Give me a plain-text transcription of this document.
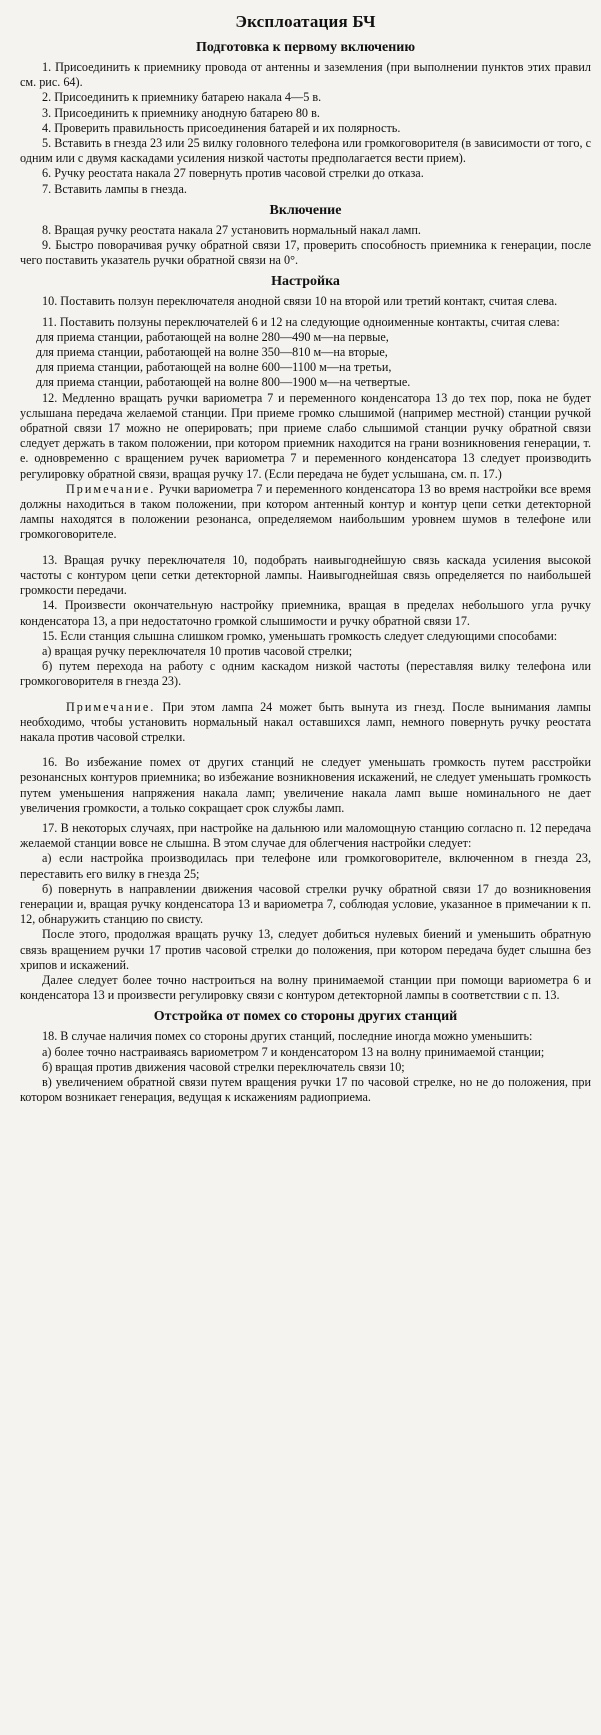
Эксплоатация БЧ
Подготовка к первому включению

1. Присоединить к приемнику провода от антенны и заземления (при выполнении пунктов этих правил см. рис. 64).

2. Присоединить к приемнику батарею накала 4—5 в.

3. Присоединить к приемнику анодную батарею 80 в.

4. Проверить правильность присоединения батарей и их полярность.

5. Вставить в гнезда 23 или 25 вилку головного телефона или громкоговорителя (в зависимости от того, с одним или с двумя каскадами усиления низкой частоты предполагается вести прием).

6. Ручку реостата накала 27 повернуть против часовой стрелки до отказа.

7. Вставить лампы в гнезда.

Включение

8. Вращая ручку реостата накала 27 установить нормальный накал ламп.

9. Быстро поворачивая ручку обратной связи 17, проверить способность приемника к генерации, после чего поставить указатель ручки обратной связи на 0°.

Настройка

10. Поставить ползун переключателя анодной связи 10 на второй или третий контакт, считая слева.

11. Поставить ползуны переключателей 6 и 12 на следующие одноименные контакты, считая слева:

для приема станции, работающей на волне 280—490 м—на первые,

для приема станции, работающей на волне 350—810 м—на вторые,

для приема станции, работающей на волне 600—1100 м—на третьи,

для приема станции, работающей на волне 800—1900 м—на четвертые.

12. Медленно вращать ручки вариометра 7 и переменного конденсатора 13 до тех пор, пока не будет услышана передача желаемой станции. При приеме громко слышимой (например местной) станции ручкой обратной связи 17 можно не оперировать; при приеме слабо слышимой станции ручку обратной связи следует держать в таком положении, при котором приемник находится на грани возникновения генерации, т. е. одновременно с вращением ручек вариометра 7 и переменного конденсатора 13 следует производить регулировку обратной связи, вращая ручку 17. (Если передача не будет услышана, см. п. 17.)

Примечание. Ручки вариометра 7 и переменного конденсатора 13 во время настройки все время должны находиться в таком положении, при котором антенный контур и контур цепи сетки детекторной лампы находятся в положении резонанса, определяемом наибольшим уровнем шумов в телефоне или громкоговорителе.

13. Вращая ручку переключателя 10, подобрать наивыгоднейшую связь каскада усиления высокой частоты с контуром цепи сетки детекторной лампы. Наивыгоднейшая связь определяется по наибольшей громкости передачи.

14. Произвести окончательную настройку приемника, вращая в пределах небольшого угла ручку конденсатора 13, а при недостаточно громкой слышимости и ручку обратной связи 17.

15. Если станция слышна слишком громко, уменьшать громкость следует следующими способами:

а) вращая ручку переключателя 10 против часовой стрелки;

б) путем перехода на работу с одним каскадом низкой частоты (переставляя вилку телефона или громкоговорителя в гнезда 23).

Примечание. При этом лампа 24 может быть вынута из гнезд. После вынимания лампы необходимо, чтобы установить нормальный накал оставшихся ламп, немного повернуть ручку реостата накала против часовой стрелки.

16. Во избежание помех от других станций не следует уменьшать громкость путем расстройки резонансных контуров приемника; во избежание возникновения искажений, не следует уменьшать громкость путем уменьшения напряжения накала ламп; увеличение накала ламп выше номинального не дает увеличения громкости, а только сокращает срок службы ламп.

17. В некоторых случаях, при настройке на дальнюю или маломощную станцию согласно п. 12 передача желаемой станции вовсе не слышна. В этом случае для облегчения настройки следует:

а) если настройка производилась при телефоне или громкоговорителе, включенном в гнезда 23, переставить его вилку в гнезда 25;

б) повернуть в направлении движения часовой стрелки ручку обратной связи 17 до возникновения генерации и, вращая ручку конденсатора 13 и вариометра 7, соблюдая условие, указанное в примечании к п. 12, обнаружить станцию по свисту.

После этого, продолжая вращать ручку 13, следует добиться нулевых биений и уменьшить обратную связь вращением ручки 17 против часовой стрелки до положения, при котором передача будет слышна без хрипов и искажений.

Далее следует более точно настроиться на волну принимаемой станции при помощи вариометра 6 и конденсатора 13 и произвести регулировку связи с контуром детекторной лампы в соответствии с п. 13.

Отстройка от помех со стороны других станций

18. В случае наличия помех со стороны других станций, последние иногда можно уменьшить:

а) более точно настраиваясь вариометром 7 и конденсатором 13 на волну принимаемой станции;

б) вращая против движения часовой стрелки переключатель связи 10;

в) увеличением обратной связи путем вращения ручки 17 по часовой стрелке, но не до положения, при котором возникает генерация, ведущая к искажениям радиоприема.
